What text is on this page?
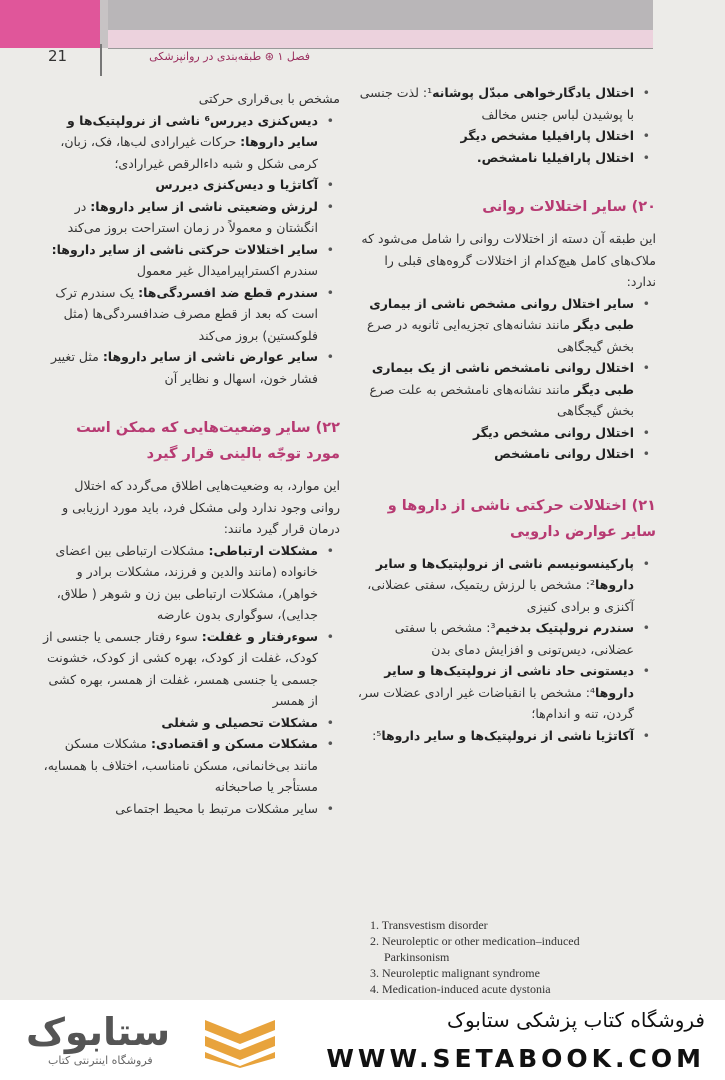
21	فصل ۱ ⊛ طبقه‌بندی در روانپزشکی
• اختلال یادگارخواهی مبدّل پوشانه¹: لذت جنسی با پوشیدن لباس جنس مخالف
• اختلال پارافیلیا مشخص دیگر
• اختلال پارافیلیا نامشخص.
۲۰) سایر اختلالات روانی

این طبقه آن دسته از اختلالات روانی را شامل می‌شود که ملاک‌های کامل هیچ‌کدام از اختلالات گروه‌های قبلی را ندارد:

• سایر اختلال روانی مشخص ناشی از بیماری طبی دیگر مانند نشانه‌های تجزیه‌ایی ثانویه در صرع بخش گیجگاهی
• اختلال روانی نامشخص ناشی از یک بیماری طبی دیگر مانند نشانه‌های نامشخص به علت صرع بخش گیجگاهی
• اختلال روانی مشخص دیگر
• اختلال روانی نامشخص
۲۱) اختلالات حرکتی ناشی از داروها و سایر عوارض دارویی
• پارکینسونیسم ناشی از نرولپتیک‌ها و سایر داروها²: مشخص با لرزش ریتمیک، سفتی عضلانی، آکنزی و برادی کنیزی
• سندرم نرولپتیک بدخیم³: مشخص با سفتی عضلانی، دیس‌تونی و افزایش دمای بدن
• دیستونی حاد ناشی از نرولپتیک‌ها و سایر داروها⁴: مشخص با انقباضات غیر ارادی عضلات سر، گردن، تنه و اندام‌ها؛
• آکاتژیا ناشی از نرولپتیک‌ها و سایر داروها⁵:

مشخص با بی‌قراری حرکتی

• دیس‌کنزی دیررس⁶ ناشی از نرولپتیک‌ها و سایر داروها: حرکات غیرارادی لب‌ها، فک، زبان، کرمی شکل و شبه داءالرقص غیرارادی؛
• آکاتژیا و دیس‌کنزی دیررس
• لرزش وضعیتی ناشی از سایر داروها: در انگشتان و معمولاً در زمان استراحت بروز می‌کند
• سایر اختلالات حرکتی ناشی از سایر داروها: سندرم اکستراپیرامیدال غیر معمول
• سندرم قطع ضد افسردگی‌ها: یک سندرم ترک است که بعد از قطع مصرف ضدافسردگی‌ها (مثل فلوکستین) بروز می‌کند
• سایر عوارض ناشی از سایر داروها: مثل تغییر فشار خون، اسهال و نظایر آن
۲۲) سایر وضعیت‌هایی که ممکن است مورد توجّه بالینی قرار گیرد

این موارد، به وضعیت‌هایی اطلاق می‌گردد که اختلال روانی وجود ندارد ولی مشکل فرد، باید مورد ارزیابی و درمان قرار گیرد مانند:

• مشکلات ارتباطی: مشکلات ارتباطی بین اعضای خانواده (مانند والدین و فرزند، مشکلات برادر و خواهر)، مشکلات ارتباطی بین زن و شوهر ( طلاق، جدایی)، سوگواری بدون عارضه
• سوءرفتار و غفلت: سوء رفتار جسمی یا جنسی از کودک، غفلت از کودک، بهره کشی از کودک، خشونت جسمی یا جنسی همسر، غفلت از همسر، بهره کشی از همسر
• مشکلات تحصیلی و شغلی
• مشکلات مسکن و اقتصادی: مشکلات مسکن مانند بی‌خانمانی، مسکن نامناسب، اختلاف با همسایه، مستأجر یا صاحبخانه
• سایر مشکلات مرتبط با محیط اجتماعی
1. Transvestism disorder
2. Neuroleptic or other medication–induced
Parkinsonism
3. Neuroleptic malignant syndrome
4. Medication-induced acute dystonia
ستابوک
فروشگاه اینترنتی کتاب
فروشگاه کتاب پزشکی ستابوک
WWW.SETABOOK.COM
